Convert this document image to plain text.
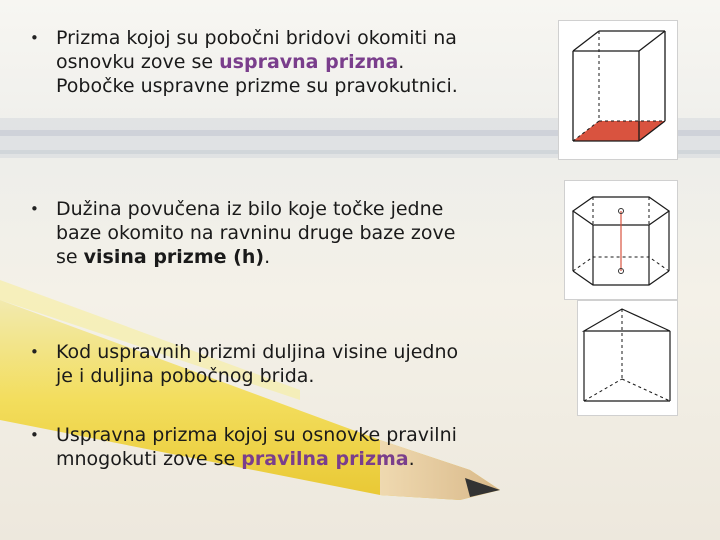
• Prizma kojoj su pobočni bridovi okomiti na
osnovku zove se uspravna prizma.
Pobočke uspravne prizme su pravokutnici.
• Dužina povučena iz bilo koje točke jedne
baze okomito na ravninu druge baze zove
se visina prizme (h).
• Kod uspravnih prizmi duljina visine ujedno
je i duljina pobočnog brida.
• Uspravna prizma kojoj su osnovke pravilni
mnogokuti zove se pravilna prizma.
